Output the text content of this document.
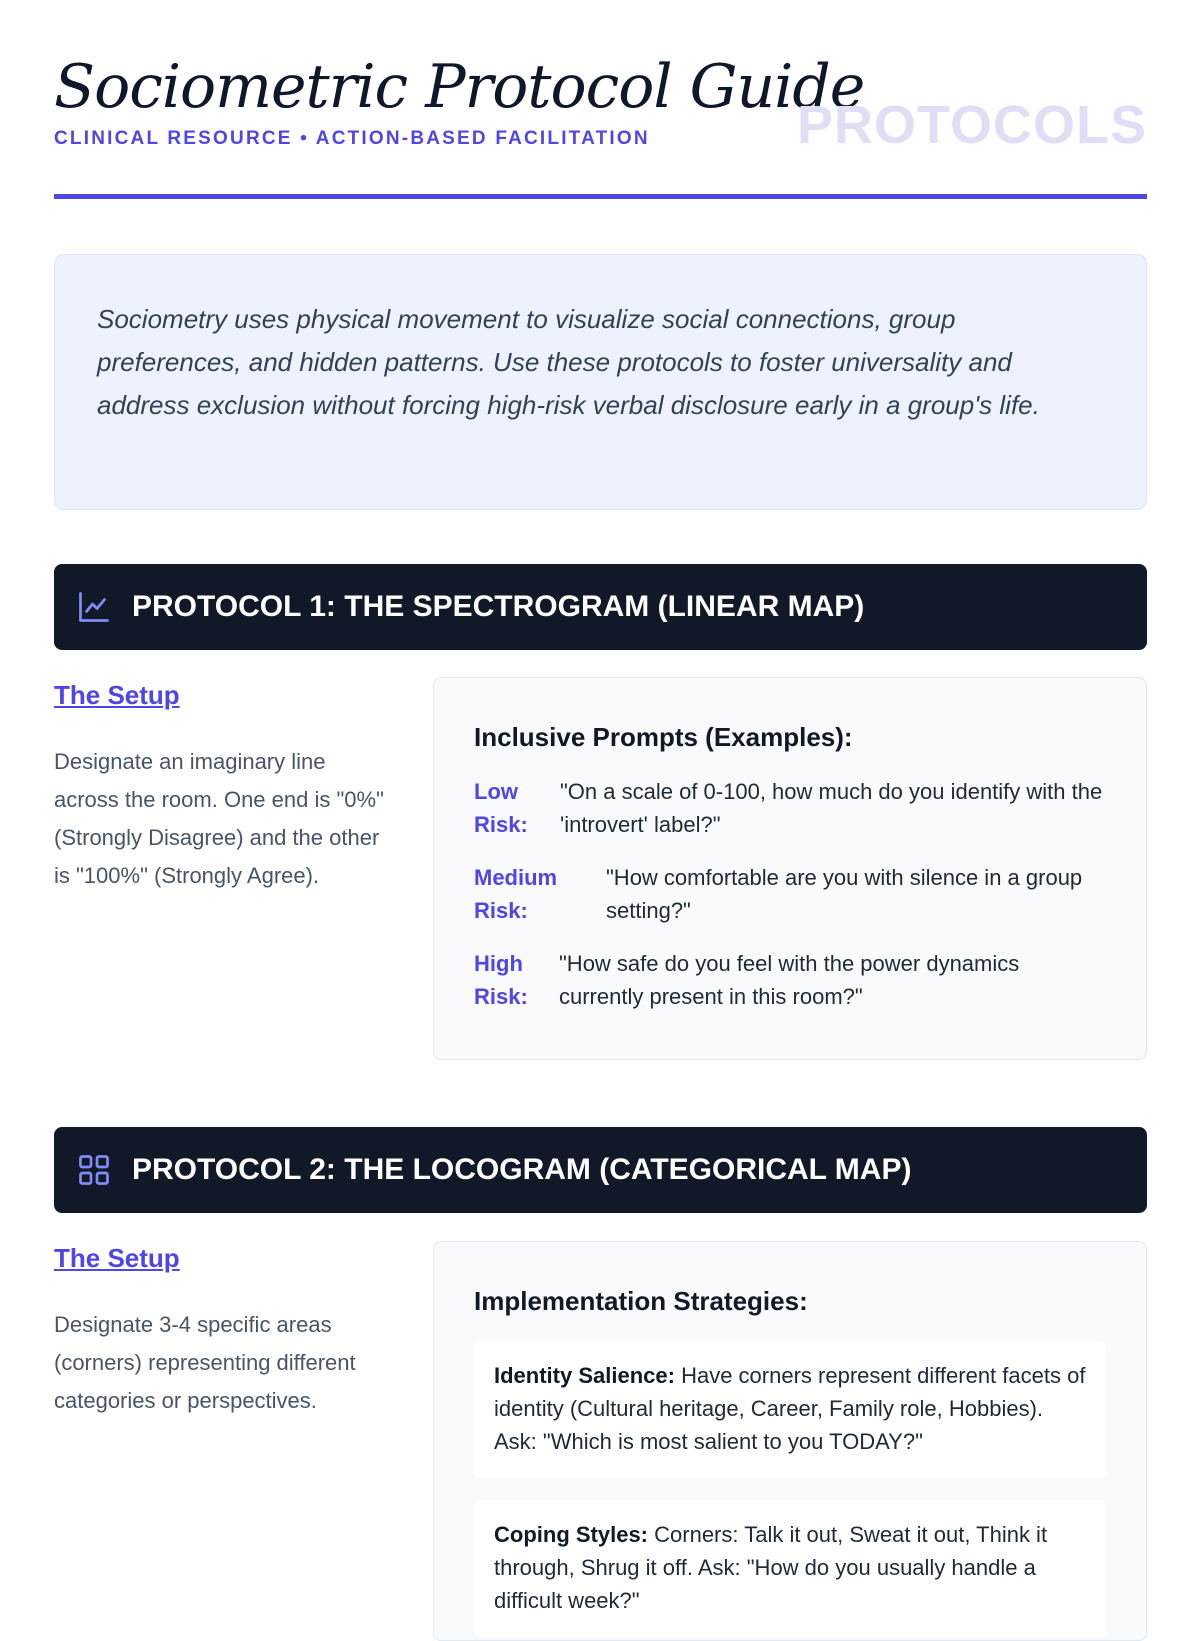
Sociometric Protocol Guide
CLINICAL RESOURCE • ACTION-BASED FACILITATION	PROTOCOLS
Sociometry uses physical movement to visualize social connections, group preferences, and hidden patterns. Use these protocols to foster universality and address exclusion without forcing high-risk verbal disclosure early in a group's life.
PROTOCOL 1: THE SPECTROGRAM (LINEAR MAP)
The Setup
Designate an imaginary line across the room. One end is "0%" (Strongly Disagree) and the other is "100%" (Strongly Agree).
Inclusive Prompts (Examples):
Low Risk:
"On a scale of 0-100, how much do you identify with the 'introvert' label?"
Medium Risk:
"How comfortable are you with silence in a group setting?"
High Risk:
"How safe do you feel with the power dynamics currently present in this room?"
PROTOCOL 2: THE LOCOGRAM (CATEGORICAL MAP)
The Setup
Designate 3-4 specific areas (corners) representing different categories or perspectives.
Implementation Strategies:
Identity Salience: Have corners represent different facets of identity (Cultural heritage, Career, Family role, Hobbies). Ask: "Which is most salient to you TODAY?"
Coping Styles: Corners: Talk it out, Sweat it out, Think it through, Shrug it off. Ask: "How do you usually handle a difficult week?"
